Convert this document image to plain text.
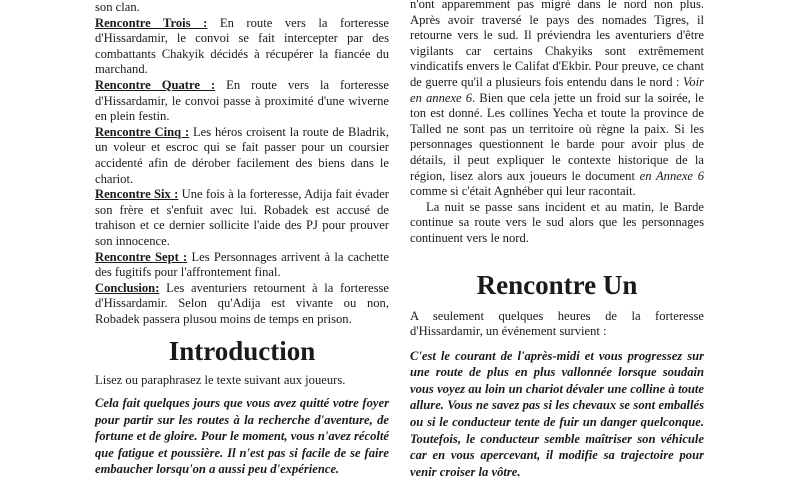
son clan.

Rencontre Trois : En route vers la forteresse d'Hissardamir, le convoi se fait intercepter par des combattants Chakyik décidés à récupérer la fiancée du marchand.

Rencontre Quatre : En route vers la forteresse d'Hissardamir, le convoi passe à proximité d'une wiverne en plein festin.

Rencontre Cinq : Les héros croisent la route de Bladrik, un voleur et escroc qui se fait passer pour un coursier accidenté afin de dérober facilement des biens dans le chariot.

Rencontre Six : Une fois à la forteresse, Adija fait évader son frère et s'enfuit avec lui. Robadek est accusé de trahison et ce dernier sollicite l'aide des PJ pour prouver son innocence.

Rencontre Sept : Les Personnages arrivent à la cachette des fugitifs pour l'affrontement final.

Conclusion: Les aventuriers retournent à la forteresse d'Hissardamir. Selon qu'Adija est vivante ou non, Robadek passera plusou moins de temps en prison.

Introduction

Lisez ou paraphrasez le texte suivant aux joueurs.

Cela fait quelques jours que vous avez quitté votre foyer pour partir sur les routes à la recherche d'aventure, de fortune et de gloire. Pour le moment, vous n'avez récolté que fatigue et poussière. Il n'est pas si facile de se faire embaucher lorsqu'on a aussi peu d'expérience.

n'ont apparemment pas migré dans le nord non plus. Après avoir traversé le pays des nomades Tigres, il retourne vers le sud. Il préviendra les aventuriers d'être vigilants car certains Chakyiks sont extrêmement vindicatifs envers le Califat d'Ekbir. Pour preuve, ce chant de guerre qu'il a plusieurs fois entendu dans le nord : Voir en annexe 6. Bien que cela jette un froid sur la soirée, le ton est donné. Les collines Yecha et toute la province de Talled ne sont pas un territoire où règne la paix. Si les personnages questionnent le barde pour avoir plus de détails, il peut expliquer le contexte historique de la région, lisez alors aux joueurs le document en Annexe 6 comme si c'était Agnhéber qui leur racontait.

La nuit se passe sans incident et au matin, le Barde continue sa route vers le sud alors que les personnages continuent vers le nord.

Rencontre Un

A seulement quelques heures de la forteresse d'Hissardamir, un événement survient :

C'est le courant de l'après-midi et vous progressez sur une route de plus en plus vallonnée lorsque soudain vous voyez au loin un chariot dévaler une colline à toute allure. Vous ne savez pas si les chevaux se sont emballés ou si le conducteur tente de fuir un danger quelconque. Toutefois, le conducteur semble maîtriser son véhicule car en vous apercevant, il modifie sa trajectoire pour venir croiser la vôtre.
